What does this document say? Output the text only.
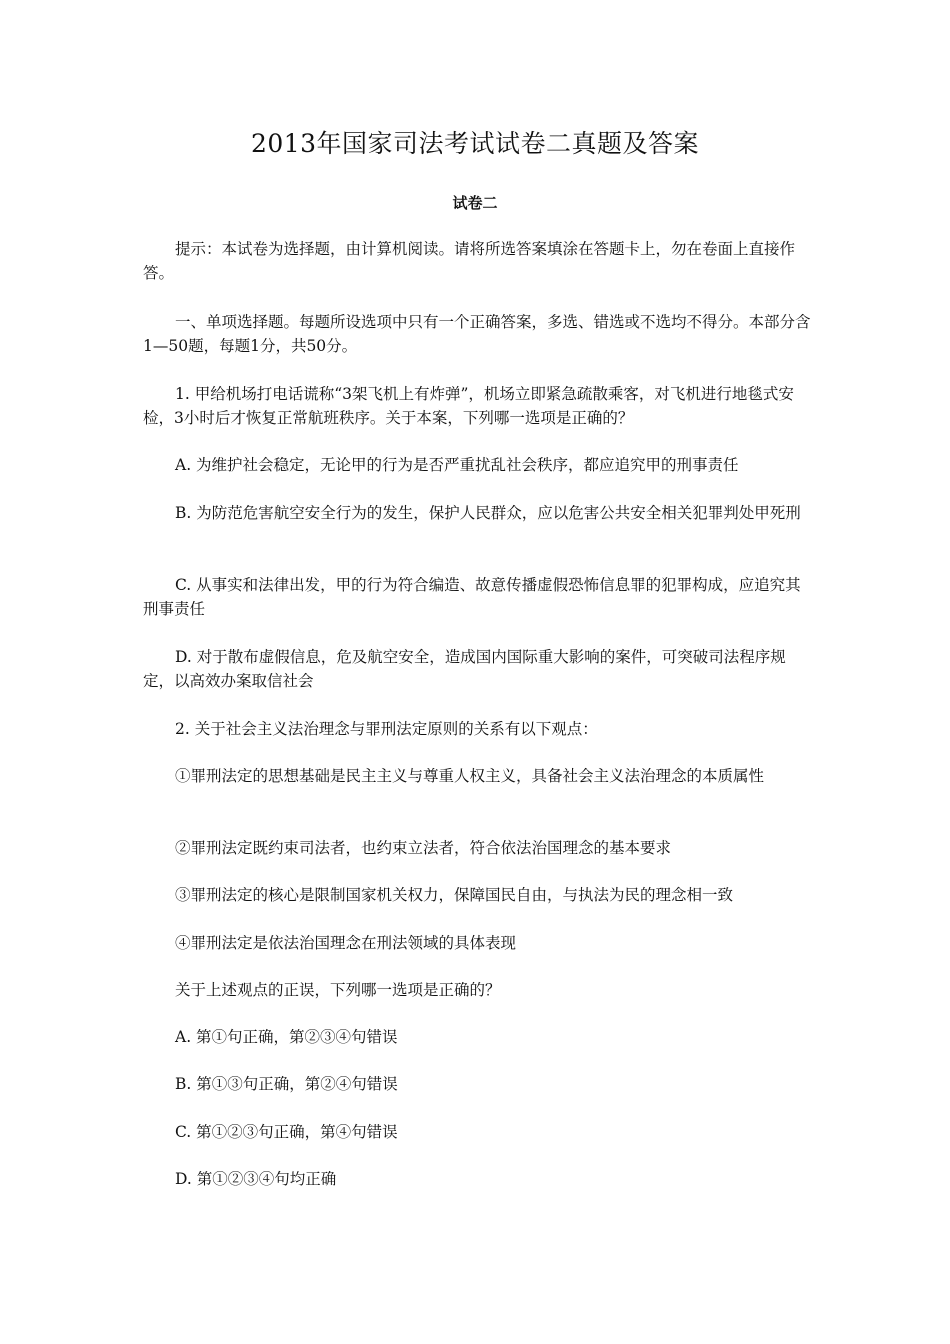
2013年国家司法考试试卷二真题及答案
试卷二
提示：本试卷为选择题，由计算机阅读。请将所选答案填涂在答题卡上，勿在卷面上直接作答。
一、单项选择题。每题所设选项中只有一个正确答案，多选、错选或不选均不得分。本部分含1—50题，每题1分，共50分。
1. 甲给机场打电话谎称“3架飞机上有炸弹”，机场立即紧急疏散乘客，对飞机进行地毯式安检，3小时后才恢复正常航班秩序。关于本案，下列哪一选项是正确的？
A. 为维护社会稳定，无论甲的行为是否严重扰乱社会秩序，都应追究甲的刑事责任
B. 为防范危害航空安全行为的发生，保护人民群众，应以危害公共安全相关犯罪判处甲死刑
C. 从事实和法律出发，甲的行为符合编造、故意传播虚假恐怖信息罪的犯罪构成，应追究其刑事责任
D. 对于散布虚假信息，危及航空安全，造成国内国际重大影响的案件，可突破司法程序规定，以高效办案取信社会
2. 关于社会主义法治理念与罪刑法定原则的关系有以下观点：
①罪刑法定的思想基础是民主主义与尊重人权主义，具备社会主义法治理念的本质属性
②罪刑法定既约束司法者，也约束立法者，符合依法治国理念的基本要求
③罪刑法定的核心是限制国家机关权力，保障国民自由，与执法为民的理念相一致
④罪刑法定是依法治国理念在刑法领域的具体表现
关于上述观点的正误，下列哪一选项是正确的？
A. 第①句正确，第②③④句错误
B. 第①③句正确，第②④句错误
C. 第①②③句正确，第④句错误
D. 第①②③④句均正确
